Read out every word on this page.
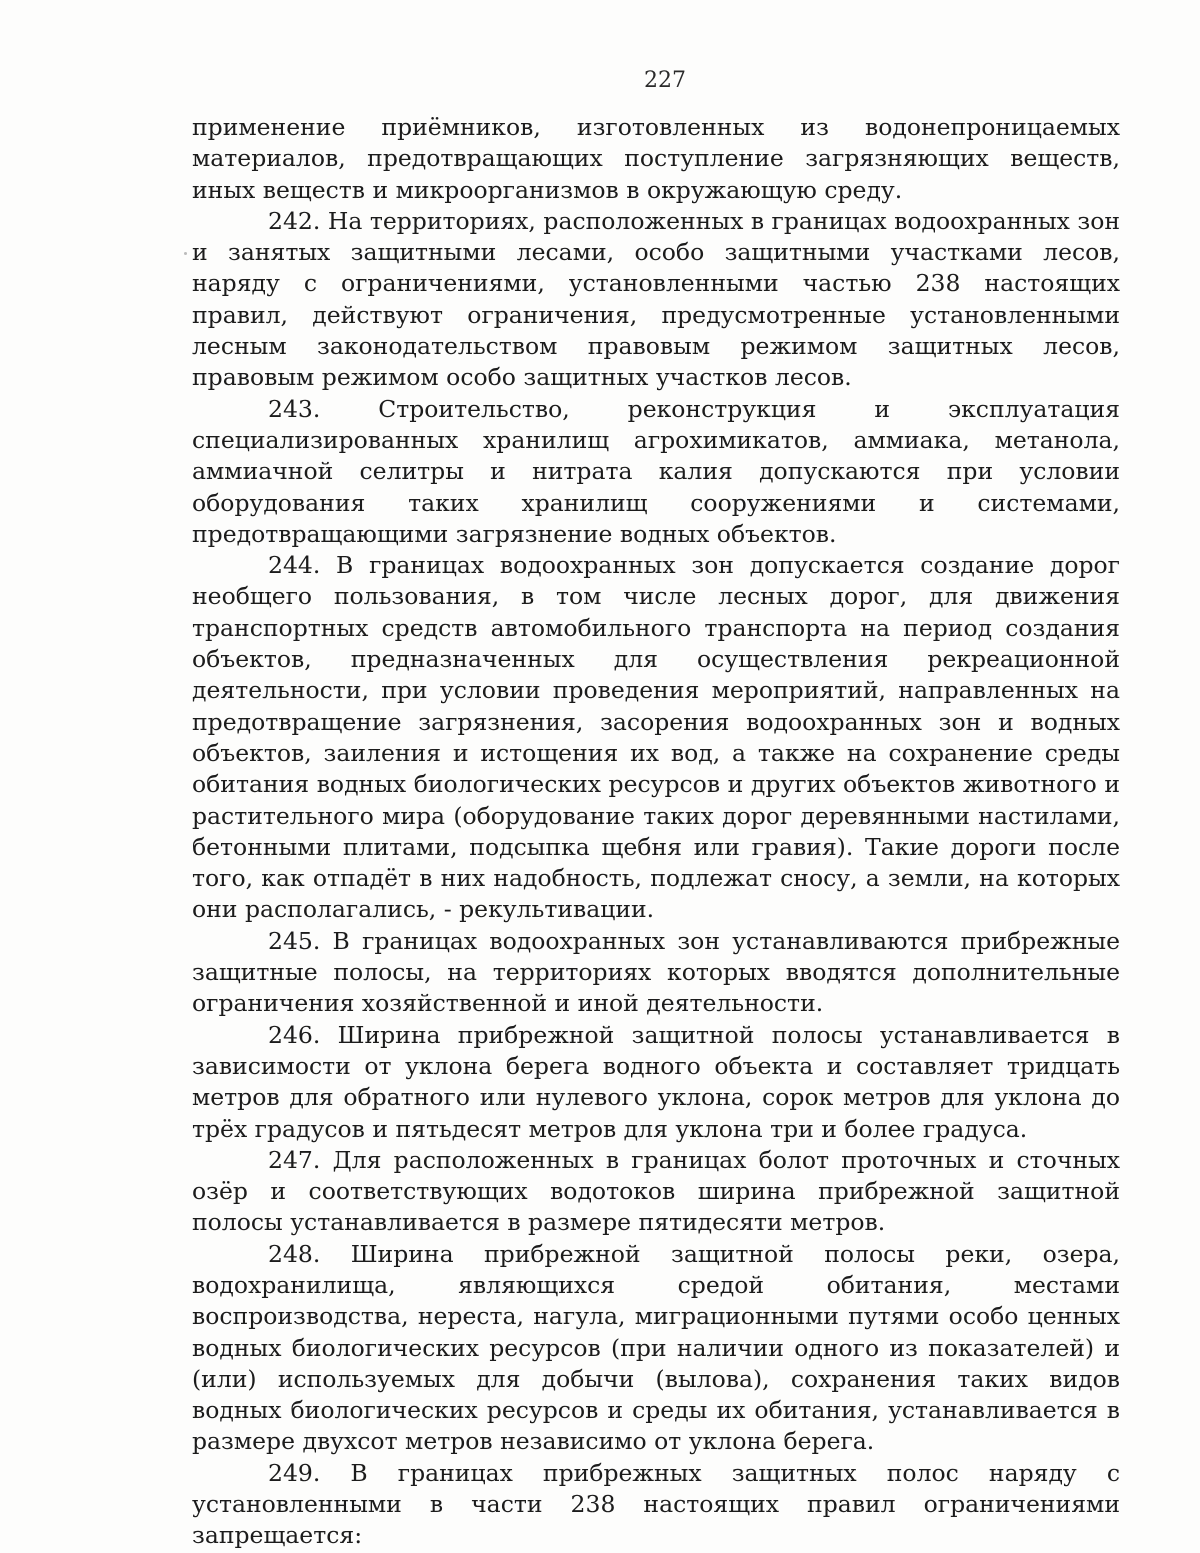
227

применение приёмников, изготовленных из водонепроницаемых материалов, предотвращающих поступление загрязняющих веществ, иных веществ и микроорганизмов в окружающую среду.

242. На территориях, расположенных в границах водоохранных зон и занятых защитными лесами, особо защитными участками лесов, наряду с ограничениями, установленными частью 238 настоящих правил, действуют ограничения, предусмотренные установленными лесным законодательством правовым режимом защитных лесов, правовым режимом особо защитных участков лесов.

243. Строительство, реконструкция и эксплуатация специализированных хранилищ агрохимикатов, аммиака, метанола, аммиачной селитры и нитрата калия допускаются при условии оборудования таких хранилищ сооружениями и системами, предотвращающими загрязнение водных объектов.

244. В границах водоохранных зон допускается создание дорог необщего пользования, в том числе лесных дорог, для движения транспортных средств автомобильного транспорта на период создания объектов, предназначенных для осуществления рекреационной деятельности, при условии проведения мероприятий, направленных на предотвращение загрязнения, засорения водоохранных зон и водных объектов, заиления и истощения их вод, а также на сохранение среды обитания водных биологических ресурсов и других объектов животного и растительного мира (оборудование таких дорог деревянными настилами, бетонными плитами, подсыпка щебня или гравия). Такие дороги после того, как отпадёт в них надобность, подлежат сносу, а земли, на которых они располагались, - рекультивации.

245. В границах водоохранных зон устанавливаются прибрежные защитные полосы, на территориях которых вводятся дополнительные ограничения хозяйственной и иной деятельности.

246. Ширина прибрежной защитной полосы устанавливается в зависимости от уклона берега водного объекта и составляет тридцать метров для обратного или нулевого уклона, сорок метров для уклона до трёх градусов и пятьдесят метров для уклона три и более градуса.

247. Для расположенных в границах болот проточных и сточных озёр и соответствующих водотоков ширина прибрежной защитной полосы устанавливается в размере пятидесяти метров.

248. Ширина прибрежной защитной полосы реки, озера, водохранилища, являющихся средой обитания, местами воспроизводства, нереста, нагула, миграционными путями особо ценных водных биологических ресурсов (при наличии одного из показателей) и (или) используемых для добычи (вылова), сохранения таких видов водных биологических ресурсов и среды их обитания, устанавливается в размере двухсот метров независимо от уклона берега.

249. В границах прибрежных защитных полос наряду с установленными в части 238 настоящих правил ограничениями запрещается:
